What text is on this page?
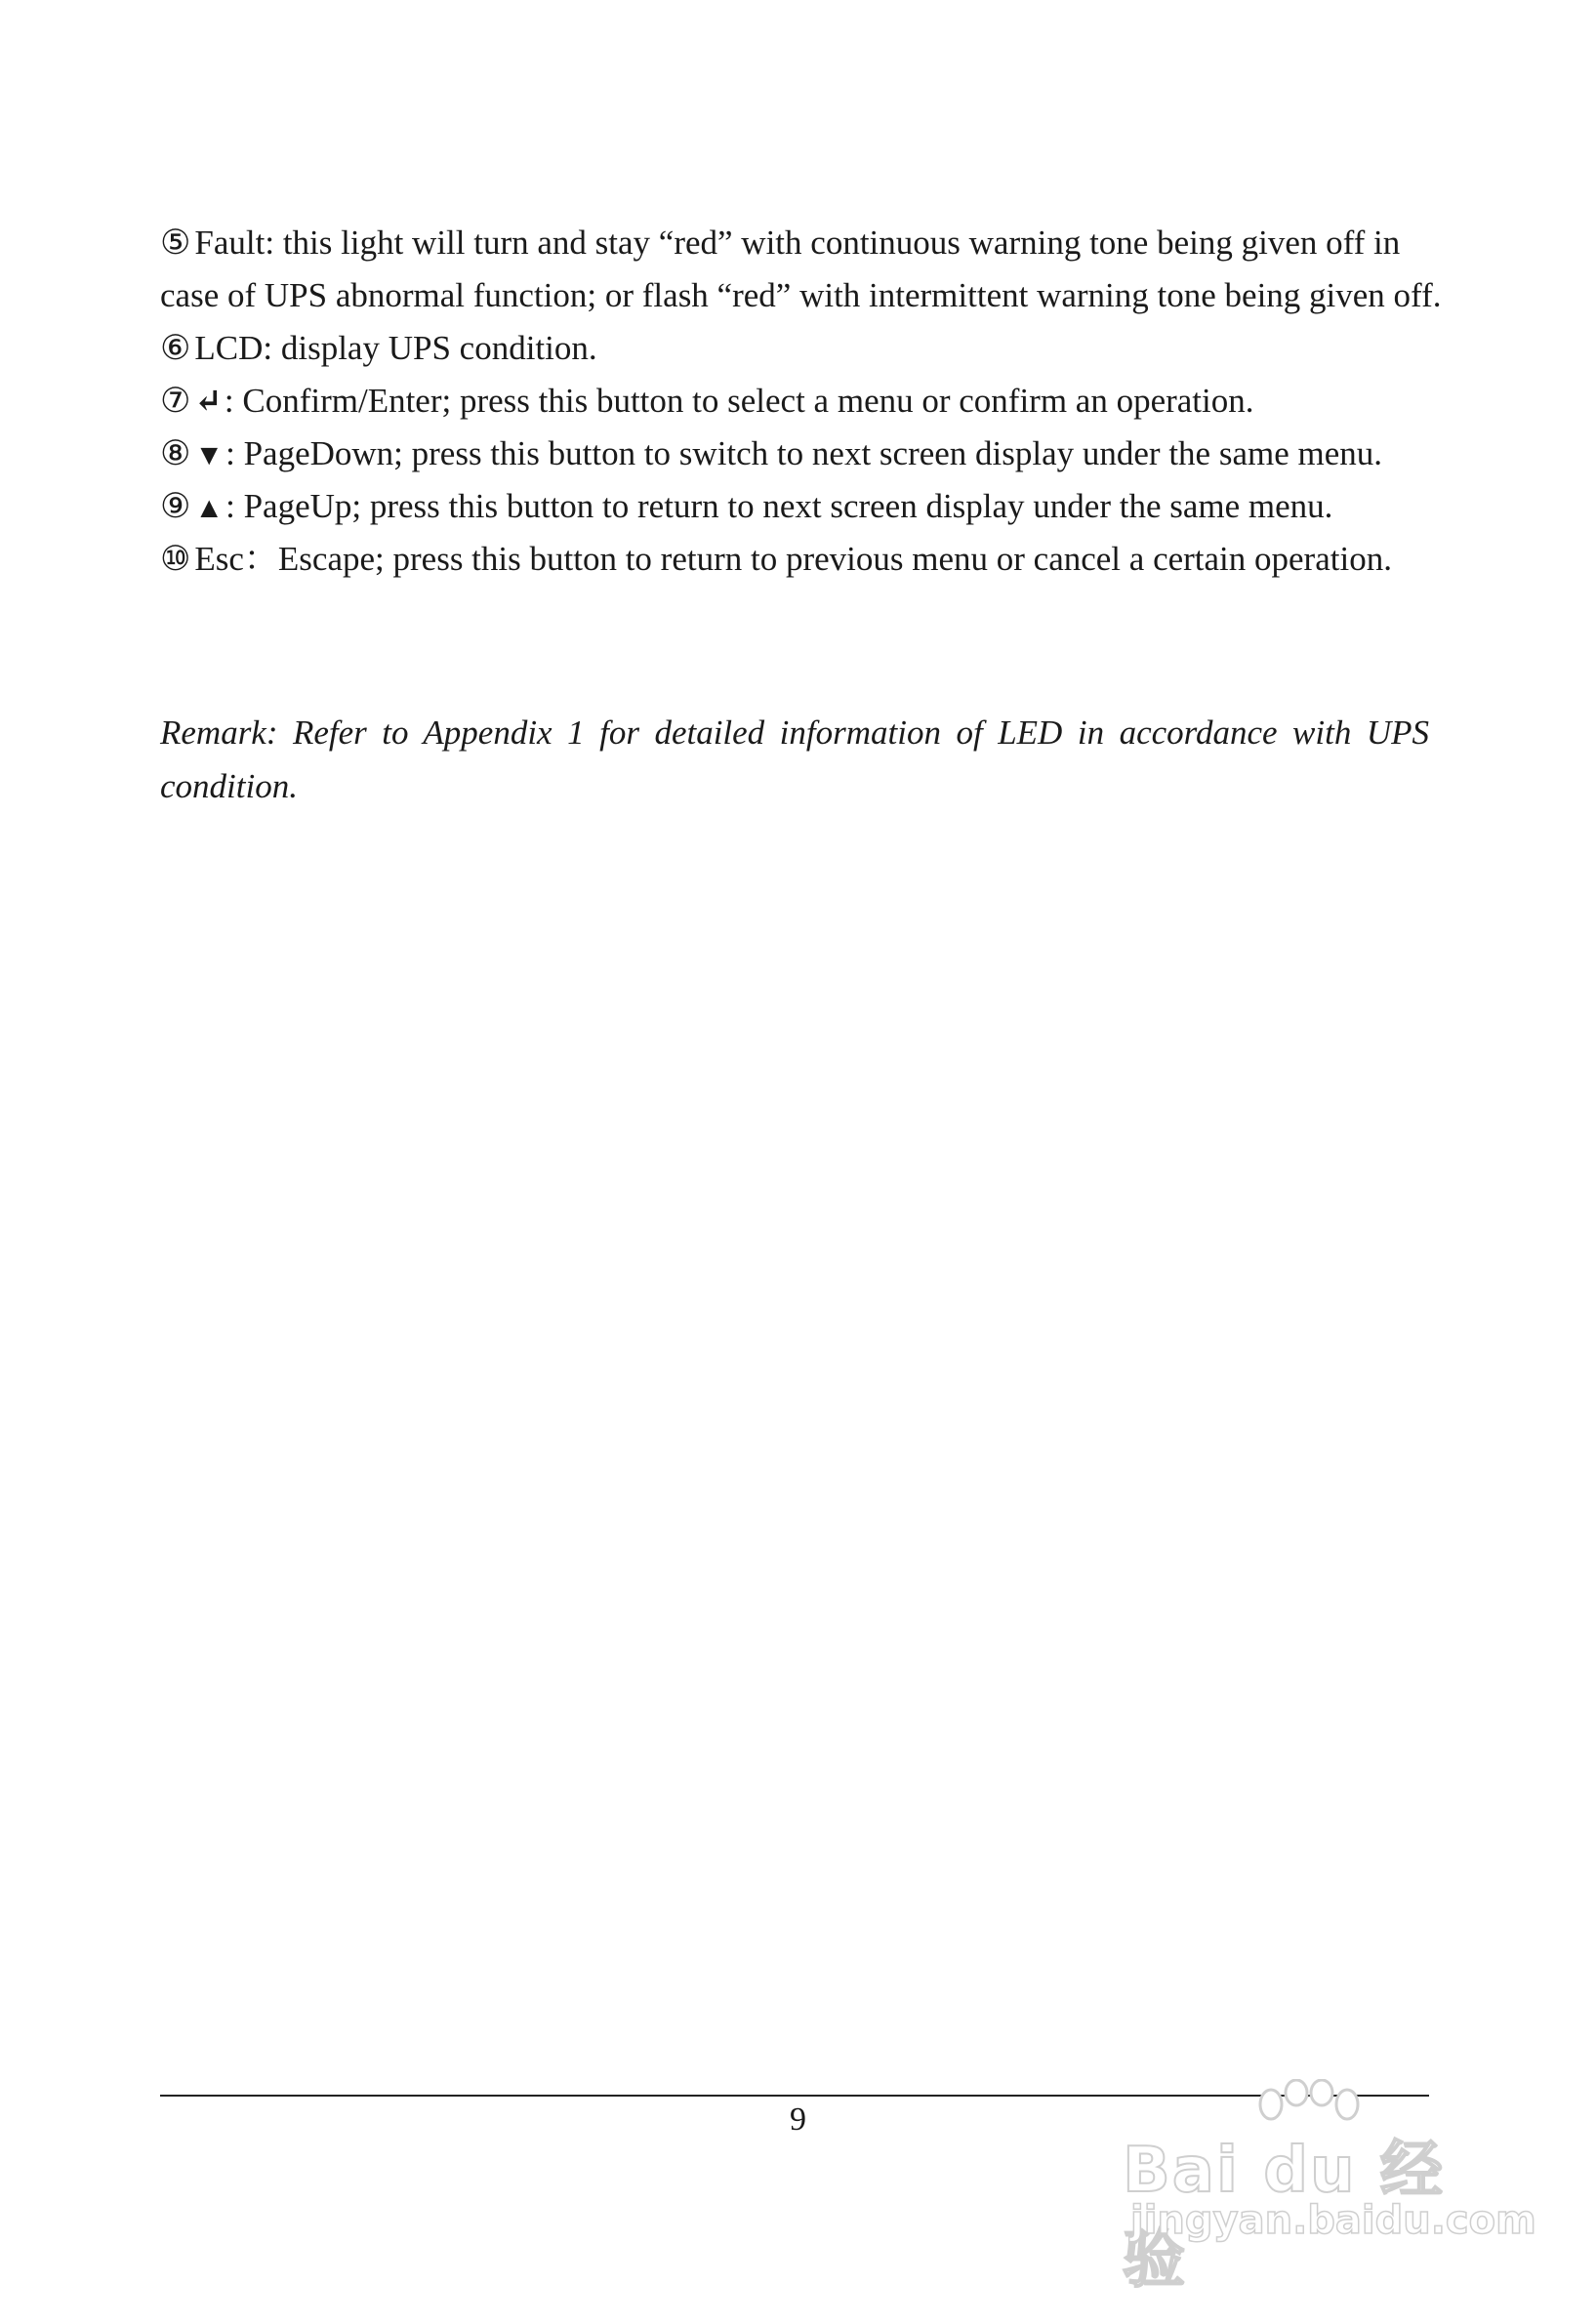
⑤ Fault: this light will turn and stay “red” with continuous warning tone being given off in
case of UPS abnormal function; or flash “red” with intermittent warning tone being given off.
⑥ LCD: display UPS condition.
⑦ ↵: Confirm/Enter; press this button to select a menu or confirm an operation.
⑧ ▼: PageDown; press this button to switch to next screen display under the same menu.
⑨ ▲: PageUp; press this button to return to next screen display under the same menu.
⑩ Esc：Escape; press this button to return to previous menu or cancel a certain operation.

Remark: Refer to Appendix 1 for detailed information of LED in accordance with UPS condition.

9
Bai du 经验
jingyan.baidu.com
